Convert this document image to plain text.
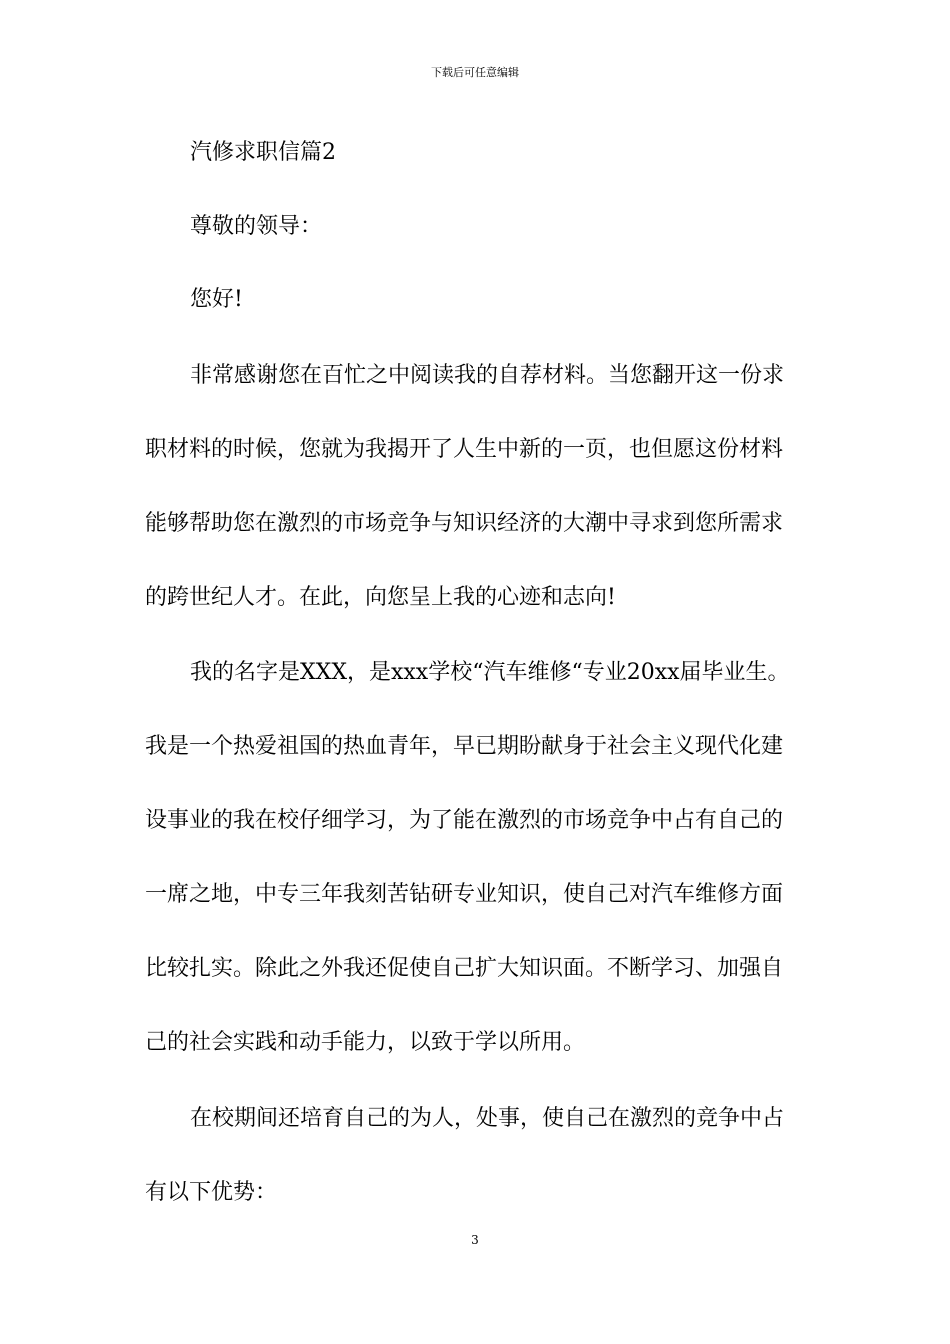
下载后可任意编辑
汽修求职信篇2
尊敬的领导：
您好!
非常感谢您在百忙之中阅读我的自荐材料。当您翻开这一份求
职材料的时候，您就为我揭开了人生中新的一页，也但愿这份材料
能够帮助您在激烈的市场竞争与知识经济的大潮中寻求到您所需求
的跨世纪人才。在此，向您呈上我的心迹和志向!
我的名字是XXX，是xxx学校“汽车维修“专业20xx届毕业生。
我是一个热爱祖国的热血青年，早已期盼献身于社会主义现代化建
设事业的我在校仔细学习，为了能在激烈的市场竞争中占有自己的
一席之地，中专三年我刻苦钻研专业知识，使自己对汽车维修方面
比较扎实。除此之外我还促使自己扩大知识面。不断学习、加强自
己的社会实践和动手能力，以致于学以所用。
在校期间还培育自己的为人，处事，使自己在激烈的竞争中占
有以下优势：
3
